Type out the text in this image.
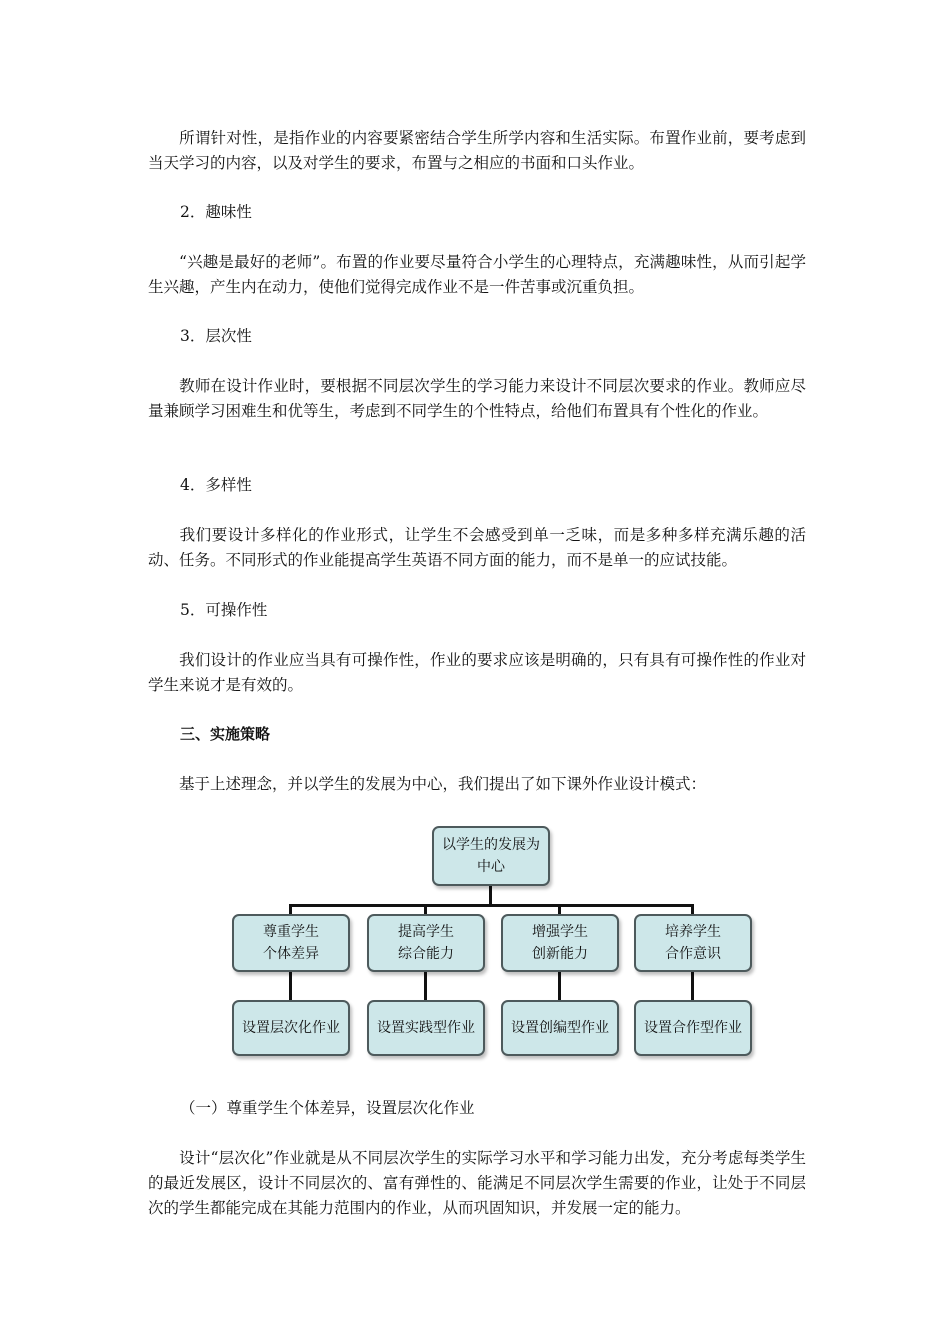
所谓针对性，是指作业的内容要紧密结合学生所学内容和生活实际。布置作业前，要考虑到当天学习的内容，以及对学生的要求，布置与之相应的书面和口头作业。

2．趣味性

“兴趣是最好的老师”。布置的作业要尽量符合小学生的心理特点，充满趣味性，从而引起学生兴趣，产生内在动力，使他们觉得完成作业不是一件苦事或沉重负担。

3．层次性

教师在设计作业时，要根据不同层次学生的学习能力来设计不同层次要求的作业。教师应尽量兼顾学习困难生和优等生，考虑到不同学生的个性特点，给他们布置具有个性化的作业。

4．多样性

我们要设计多样化的作业形式，让学生不会感受到单一乏味，而是多种多样充满乐趣的活动、任务。不同形式的作业能提高学生英语不同方面的能力，而不是单一的应试技能。

5．可操作性

我们设计的作业应当具有可操作性，作业的要求应该是明确的，只有具有可操作性的作业对学生来说才是有效的。

三、实施策略

基于上述理念，并以学生的发展为中心，我们提出了如下课外作业设计模式：

以学生的发展为
中心
尊重学生
个体差异
提高学生
综合能力
增强学生
创新能力
培养学生
合作意识
设置层次化作业	设置实践型作业	设置创编型作业	设置合作型作业

（一）尊重学生个体差异，设置层次化作业

设计“层次化”作业就是从不同层次学生的实际学习水平和学习能力出发，充分考虑每类学生的最近发展区，设计不同层次的、富有弹性的、能满足不同层次学生需要的作业，让处于不同层次的学生都能完成在其能力范围内的作业，从而巩固知识，并发展一定的能力。
